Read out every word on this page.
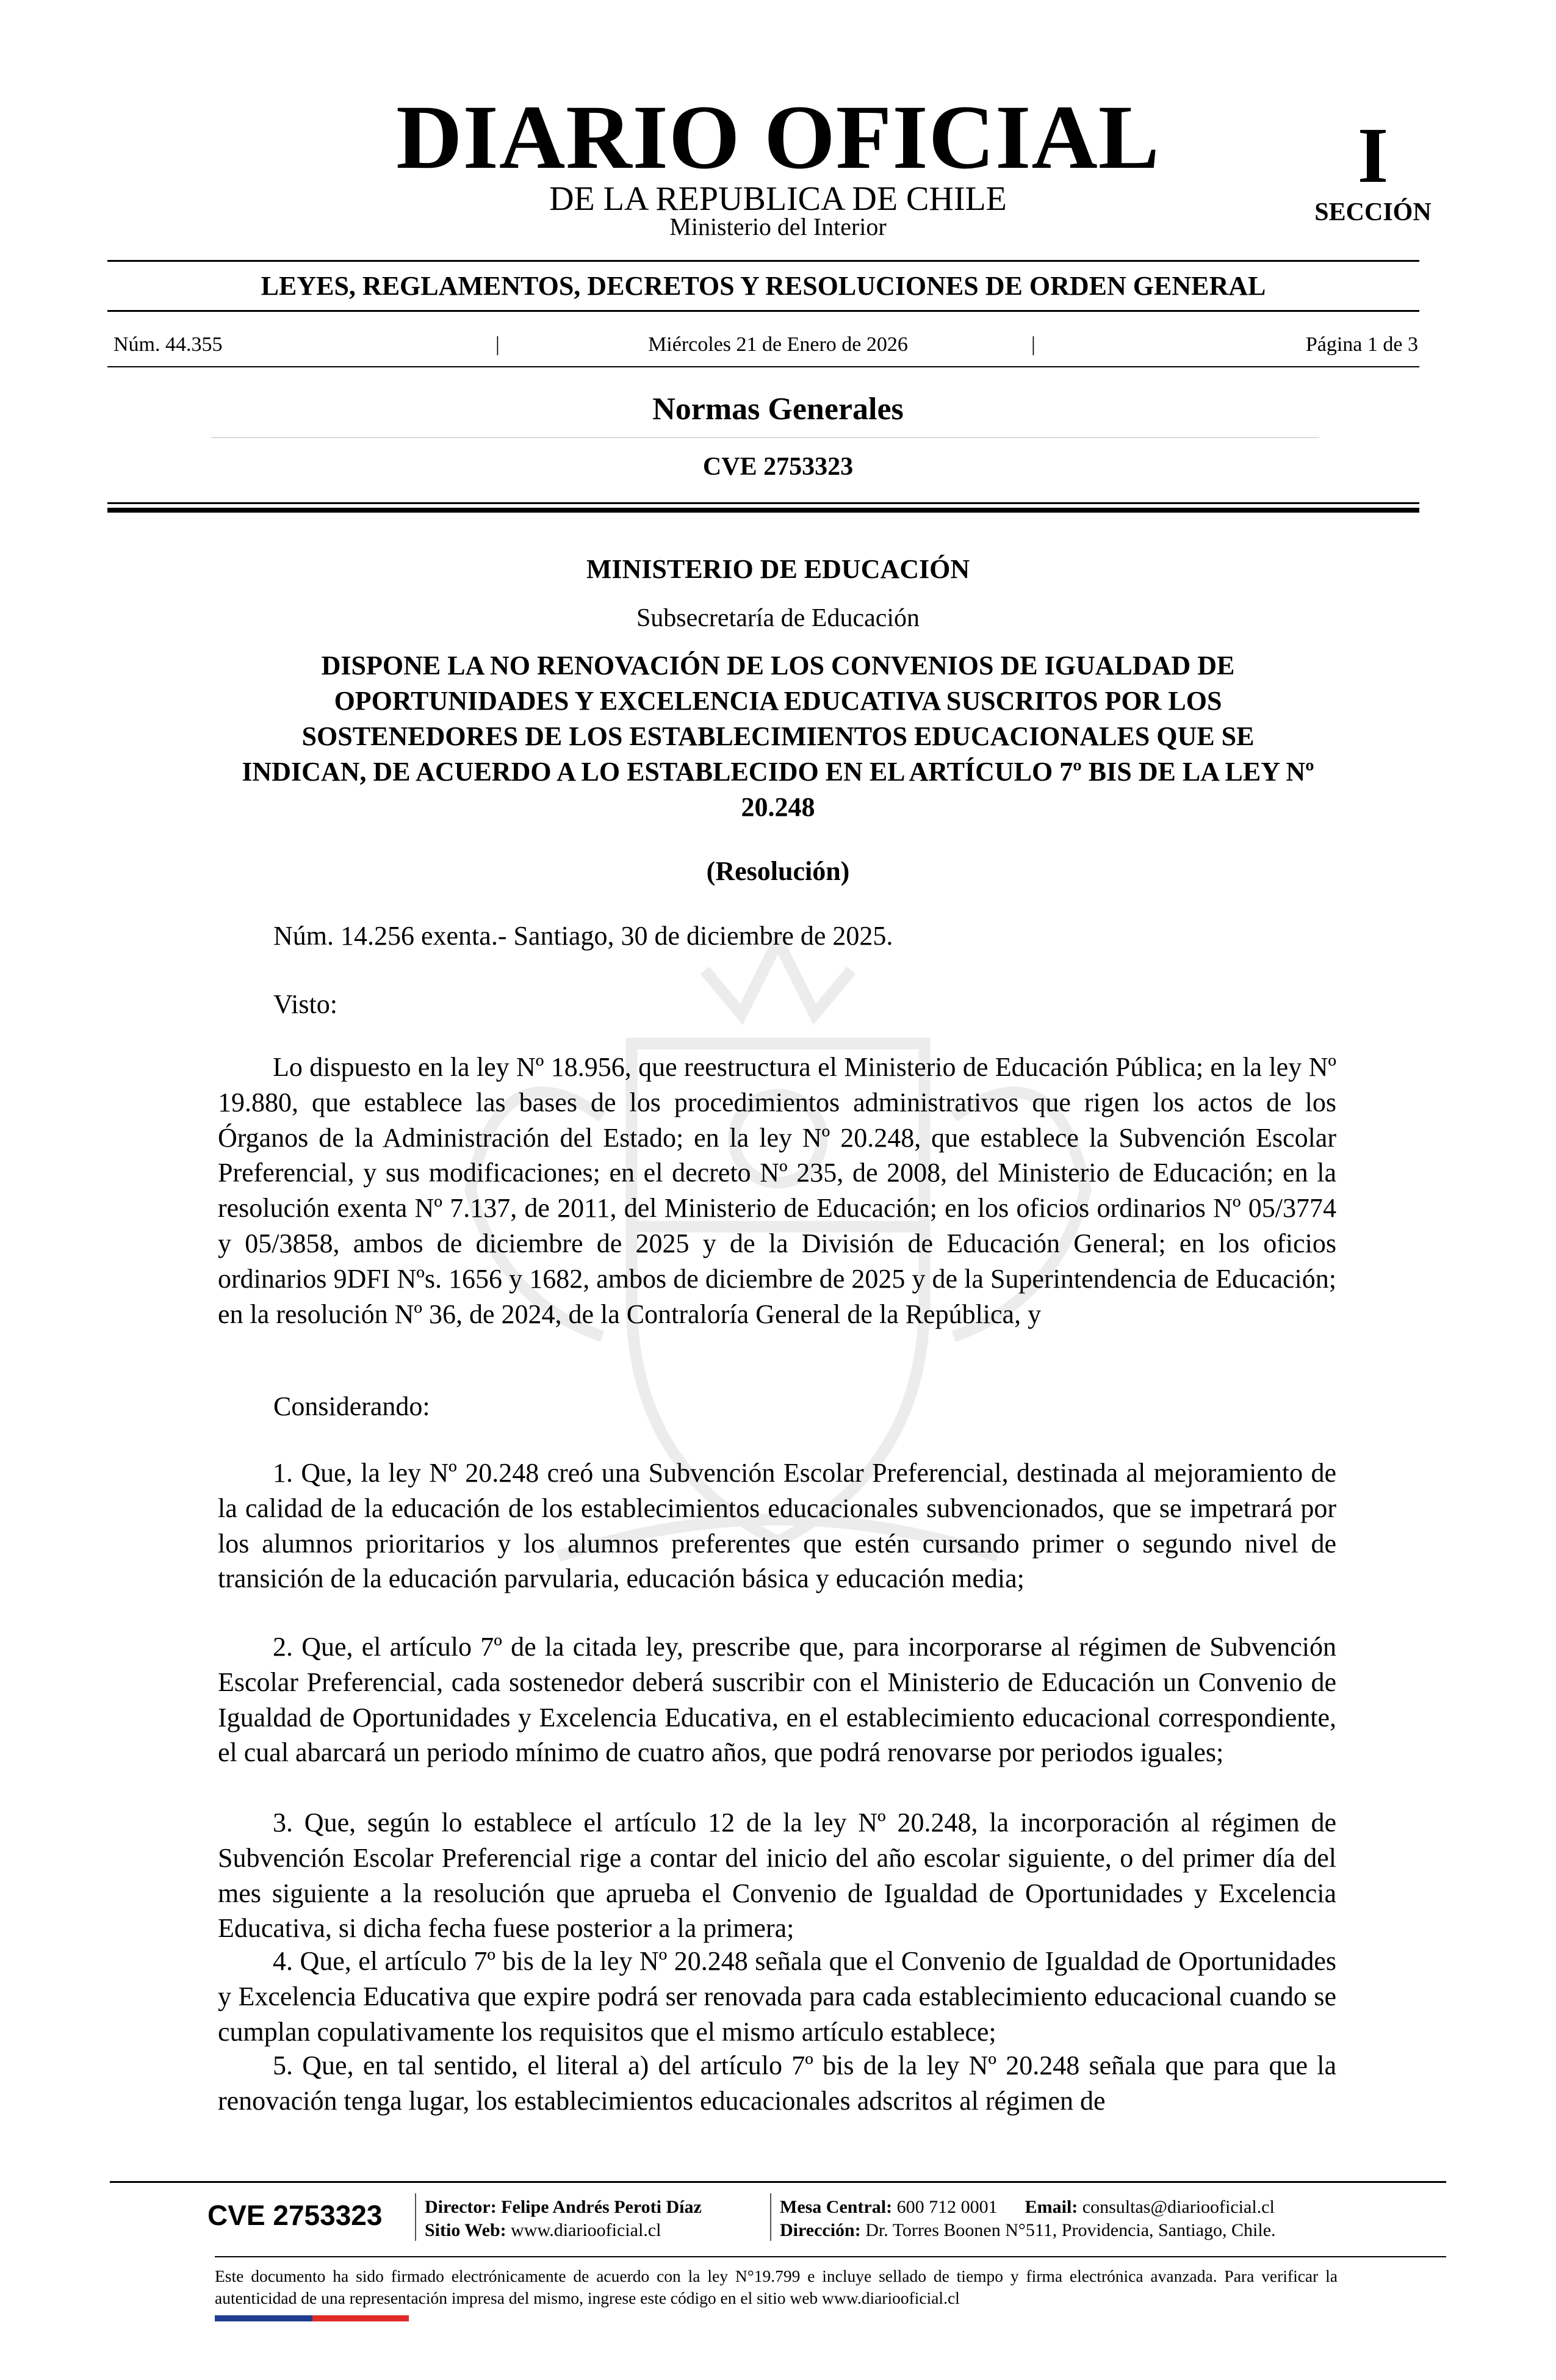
DIARIO OFICIAL
DE LA REPUBLICA DE CHILE
Ministerio del Interior
I
SECCIÓN
LEYES, REGLAMENTOS, DECRETOS Y RESOLUCIONES DE ORDEN GENERAL
Núm. 44.355	|	Miércoles 21 de Enero de 2026	|	Página 1 de 3
Normas Generales
CVE 2753323
MINISTERIO DE EDUCACIÓN
Subsecretaría de Educación
DISPONE LA NO RENOVACIÓN DE LOS CONVENIOS DE IGUALDAD DE OPORTUNIDADES Y EXCELENCIA EDUCATIVA SUSCRITOS POR LOS SOSTENEDORES DE LOS ESTABLECIMIENTOS EDUCACIONALES QUE SE INDICAN, DE ACUERDO A LO ESTABLECIDO EN EL ARTÍCULO 7º BIS DE LA LEY Nº 20.248
(Resolución)
Núm. 14.256 exenta.- Santiago, 30 de diciembre de 2025.
Visto:
Lo dispuesto en la ley Nº 18.956, que reestructura el Ministerio de Educación Pública; en la ley Nº 19.880, que establece las bases de los procedimientos administrativos que rigen los actos de los Órganos de la Administración del Estado; en la ley Nº 20.248, que establece la Subvención Escolar Preferencial, y sus modificaciones; en el decreto Nº 235, de 2008, del Ministerio de Educación; en la resolución exenta Nº 7.137, de 2011, del Ministerio de Educación; en los oficios ordinarios Nº 05/3774 y 05/3858, ambos de diciembre de 2025 y de la División de Educación General; en los oficios ordinarios 9DFI Nºs. 1656 y 1682, ambos de diciembre de 2025 y de la Superintendencia de Educación; en la resolución Nº 36, de 2024, de la Contraloría General de la República, y
Considerando:
1. Que, la ley Nº 20.248 creó una Subvención Escolar Preferencial, destinada al mejoramiento de la calidad de la educación de los establecimientos educacionales subvencionados, que se impetrará por los alumnos prioritarios y los alumnos preferentes que estén cursando primer o segundo nivel de transición de la educación parvularia, educación básica y educación media;
2. Que, el artículo 7º de la citada ley, prescribe que, para incorporarse al régimen de Subvención Escolar Preferencial, cada sostenedor deberá suscribir con el Ministerio de Educación un Convenio de Igualdad de Oportunidades y Excelencia Educativa, en el establecimiento educacional correspondiente, el cual abarcará un periodo mínimo de cuatro años, que podrá renovarse por periodos iguales;
3. Que, según lo establece el artículo 12 de la ley Nº 20.248, la incorporación al régimen de Subvención Escolar Preferencial rige a contar del inicio del año escolar siguiente, o del primer día del mes siguiente a la resolución que aprueba el Convenio de Igualdad de Oportunidades y Excelencia Educativa, si dicha fecha fuese posterior a la primera;
4. Que, el artículo 7º bis de la ley Nº 20.248 señala que el Convenio de Igualdad de Oportunidades y Excelencia Educativa que expire podrá ser renovada para cada establecimiento educacional cuando se cumplan copulativamente los requisitos que el mismo artículo establece;
5. Que, en tal sentido, el literal a) del artículo 7º bis de la ley Nº 20.248 señala que para que la renovación tenga lugar, los establecimientos educacionales adscritos al régimen de
CVE 2753323 Director: Felipe Andrés Peroti Díaz
Sitio Web: www.diariooficial.cl
Mesa Central: 600 712 0001 Email: consultas@diariooficial.cl
Dirección: Dr. Torres Boonen N°511, Providencia, Santiago, Chile.
Este documento ha sido firmado electrónicamente de acuerdo con la ley N°19.799 e incluye sellado de tiempo y firma electrónica avanzada. Para verificar la autenticidad de una representación impresa del mismo, ingrese este código en el sitio web www.diariooficial.cl
